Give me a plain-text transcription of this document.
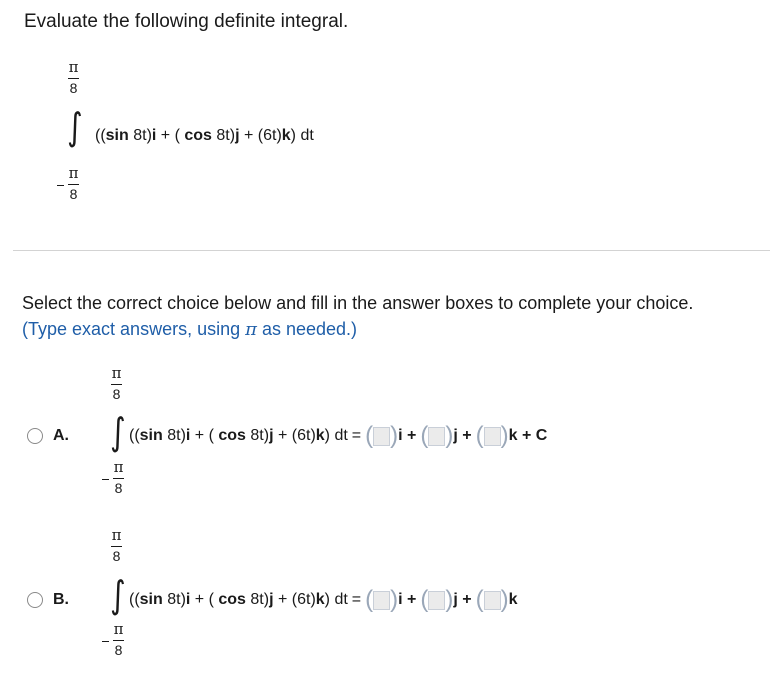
Evaluate the following definite integral.
π
8
∫ ((sin 8t)i + ( cos 8t)j + (6t)k) dt
$\frac{\pi}{8}$
Select the correct choice below and fill in the answer boxes to complete your choice.
(Type exact answers, using π as needed.)
π
8
A. ∫ ((sin 8t)i + ( cos 8t)j + (6t)k) dt = ( ) i + ( ) j + ( ) k + C
$\frac{\pi}{8}$
π
8
B. ∫ ((sin 8t)i + ( cos 8t)j + (6t)k) dt = ( ) i + ( ) j + ( ) k
$\frac{\pi}{8}$
